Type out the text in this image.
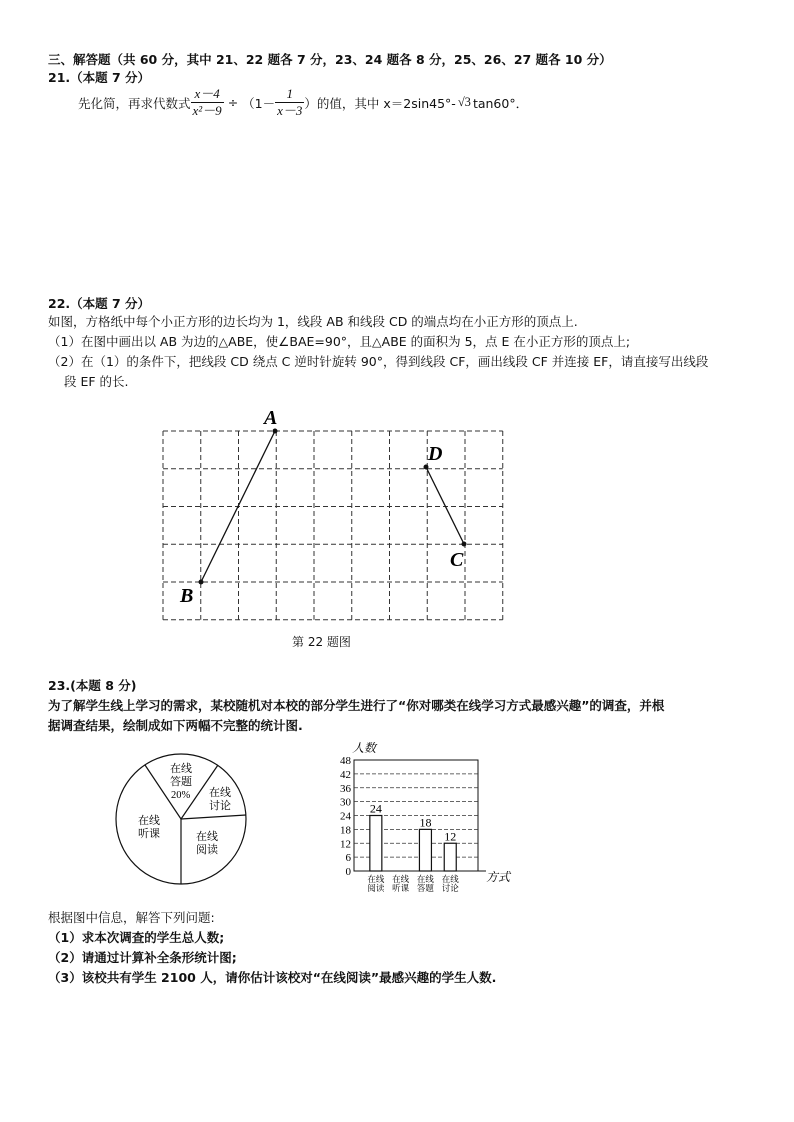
三、解答题（共 60 分，其中 21、22 题各 7 分，23、24 题各 8 分，25、26、27 题各 10 分）
21.（本题 7 分）
先化简，再求代数式 $\frac{x-4}{\text{x²－9}} \div (1- \frac{1}{x-3}$ ）的值，其中 x＝2sin45°- √3 tan60°．
22.（本题 7 分）
如图，方格纸中每个小正方形的边长均为 1，线段 AB 和线段 CD 的端点均在小正方形的顶点上.
（1）在图中画出以 AB 为边的△ABE，使∠BAE=90°，且△ABE 的面积为 5，点 E 在小正方形的顶点上;
（2）在（1）的条件下，把线段 CD 绕点 C 逆时针旋转 90°，得到线段 CF，画出线段 CF 并连接 EF，请直接写出线段
段 EF 的长.
A
B
D
C
第 22 题图
23.(本题 8 分)
为了解学生线上学习的需求，某校随机对本校的部分学生进行了“你对哪类在线学习方式最感兴趣”的调查，并根
据调查结果，绘制成如下两幅不完整的统计图.
在线
答题
20% 在线
讨论
在线
阅读
在线
听课
0
6
12
18
24
30
36
42
48
24
18
12
在线
阅读
在线
听课
在线
答题
在线
讨论
人数
方式
根据图中信息，解答下列问题:
（1）求本次调查的学生总人数;
（2）请通过计算补全条形统计图;
（3）该校共有学生 2100 人，请你估计该校对“在线阅读”最感兴趣的学生人数.
